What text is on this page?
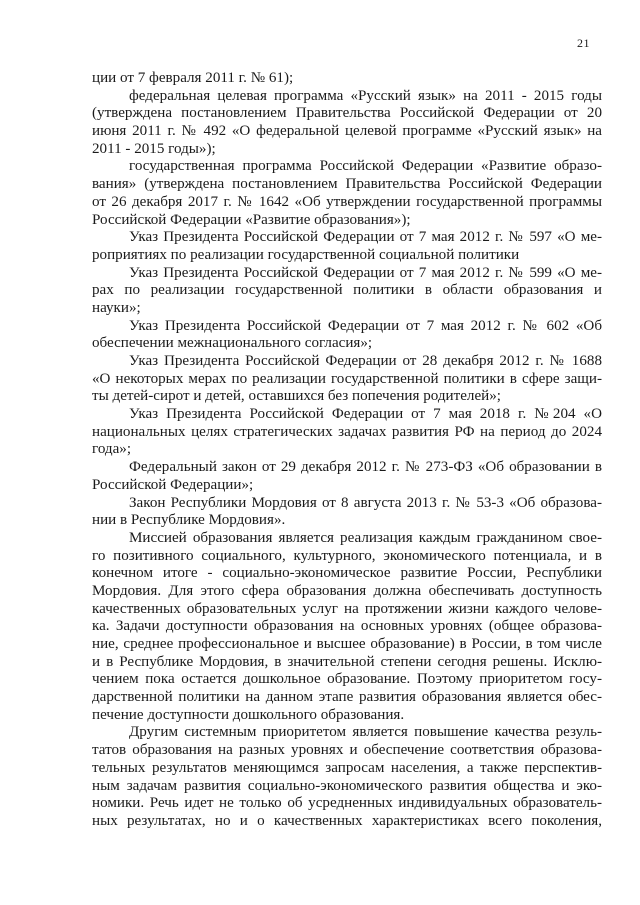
21
ции от 7 февраля 2011 г. № 61);
федеральная целевая программа «Русский язык» на 2011 - 2015 годы
(утверждена постановлением Правительства Российской Федерации от 20
июня 2011 г. № 492 «О федеральной целевой программе «Русский язык» на
2011 - 2015 годы»);
государственная программа Российской Федерации «Развитие образо-
вания» (утверждена постановлением Правительства Российской Федерации
от 26 декабря 2017 г. № 1642 «Об утверждении государственной программы
Российской Федерации «Развитие образования»);
Указ Президента Российской Федерации от 7 мая 2012 г. № 597 «О ме-
роприятиях по реализации государственной социальной политики
Указ Президента Российской Федерации от 7 мая 2012 г. № 599 «О ме-
рах по реализации государственной политики в области образования и
науки»;
Указ Президента Российской Федерации от 7 мая 2012 г. № 602 «Об
обеспечении межнационального согласия»;
Указ Президента Российской Федерации от 28 декабря 2012 г. № 1688
«О некоторых мерах по реализации государственной политики в сфере защи-
ты детей-сирот и детей, оставшихся без попечения родителей»;
Указ Президента Российской Федерации от 7 мая 2018 г. №204 «О
национальных целях стратегических задачах развития РФ на период до 2024
года»;
Федеральный закон от 29 декабря 2012 г. № 273-ФЗ «Об образовании в
Российской Федерации»;
Закон Республики Мордовия от 8 августа 2013 г. № 53-3 «Об образова-
нии в Республике Мордовия».
Миссией образования является реализация каждым гражданином свое-
го позитивного социального, культурного, экономического потенциала, и в
конечном итоге - социально-экономическое развитие России, Республики
Мордовия. Для этого сфера образования должна обеспечивать доступность
качественных образовательных услуг на протяжении жизни каждого челове-
ка. Задачи доступности образования на основных уровнях (общее образова-
ние, среднее профессиональное и высшее образование) в России, в том числе
и в Республике Мордовия, в значительной степени сегодня решены. Исклю-
чением пока остается дошкольное образование. Поэтому приоритетом госу-
дарственной политики на данном этапе развития образования является обес-
печение доступности дошкольного образования.
Другим системным приоритетом является повышение качества резуль-
татов образования на разных уровнях и обеспечение соответствия образова-
тельных результатов меняющимся запросам населения, а также перспектив-
ным задачам развития социально-экономического развития общества и эко-
номики. Речь идет не только об усредненных индивидуальных образователь-
ных результатах, но и о качественных характеристиках всего поколения,
